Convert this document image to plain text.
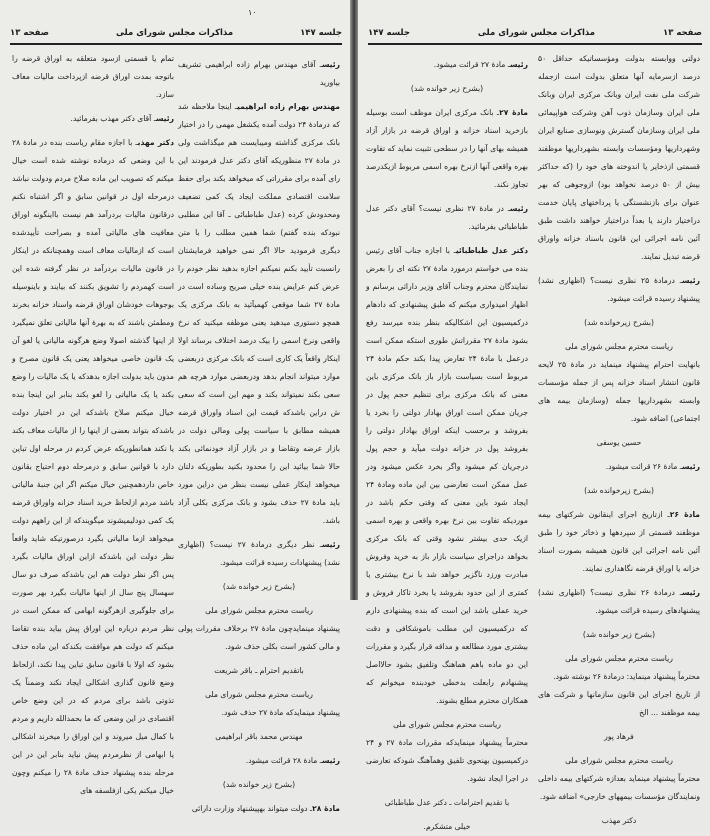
۱۰
جلسه ۱۴۷
مذاکرات مجلس شورای ملی
صفحه ۱۳

رئیسـ آقای مهندس بهرام زاده ابراهیمی تشریف بیاورید

مهندس بهرام زاده ابراهیمیـ اینجا ملاحظه شد که درمادهٔ ۲۴ دولت آمده یکشغل مهمی را در اختیار بانک مرکزی گذاشته ومیبایست هم میگذاشت ولی در مادهٔ ۲۷ منظوریکه آقای دکتر عدل فرمودند این رای آمده برای مقرراتی که میخواهد بکند برای حفظ سلامت اقتصادی مملکت ایجاد یک کمی تضعیف ومحدودش کرده (عدل طباطبائی ـ آقا این مطلبی نبودکه بنده گفتم) شما همین مطلب را با متن دیگری فرمودید حالا اگر نمی خواهید فرمایشتان رانسبت تأیید بکنم نمیکنم اجازه بدهید نظر خودم را عرض کنم عرایض بنده خیلی صریح وساده است در مادهٔ ۲۷ شما موقعی کهمیآئید به بانک مرکزی یک همچو دستوری میدهید یعنی موظفه میکنید که نرخ واقعی ونرخ اسمی را بیک درصد اختلاف برساند اولا اینکار واقعاً یک کاری است که بانک مرکزی دربعضی موارد میتواند انجام بدهد ودربعضی موارد هرچه هم سعی بکند نمیتواند بکند و مهم این است که سعی ش دراین باشدکه قیمت این اسناد واوراق قرضه همیشه مطابق با سیاست پولی ومالی دولت در بازار عرضه وتقاضا و در بازار آزاد خودنمائی بکند حالا شما بیائید این را محدود بکنید بطوریکه دلتان میخواهد اینکار عملی نیست بنظر من دراین مورد باید مادهٔ ۲۷ حذف بشود و بانک مرکزی بکلی آزاد باشد.

رئیسـ نظر دیگری درمادهٔ ۲۷ نیست؟ (اظهاری نشد) پیشنهادات رسیده قرائت میشود.

(بشرح زیر خوانده شد)

ریاست محترم مجلس شورای ملی

پیشنهاد مینمایدچون مادهٔ ۲۷ برخلاف مقررات پولی و مالی کشور است بکلی حذف شود.

باتقدیم احترام ـ باقر شریعت

ریاست محترم مجلس شورای ملی

پیشنهاد مینمایدکه مادهٔ ۲۷ حذف شود.

مهندس محمد باقر ابراهیمی

رئیسـ مادهٔ ۲۸ قرائت میشود.

(بشرح زیر خوانده شد)

مادهٔ ۲۸ـ دولت میتواند بهپیشنهاد وزارت دارائی

تمام یا قسمتی ازسود متعلقه به اوراق قرضه را باتوجه بمدت اوراق قرضه ازپرداخت مالیات معاف سازد.

رئیسـ آقای دکتر مهذب بفرمائید.

دکتر مهذبـ با اجازه مقام ریاست بنده در مادهٔ ۲۸ با این وضعی که درماده نوشته شده است خیال میکنم که تصویب این ماده صلاح مردم ودولت نباشد درمرحله اول در قوانین سابق و اگر اشتباه نکنم درقانون مالیات بردرآمد هم نیست بااینگونه اوراق معافیت های مالیاتی آمده و بصراحت تأییدشده است که ازمالیات معاف است وهمچنانکه در اینکار در قانون مالیات بردرآمد در نظر گرفته شده این است کهمردم را تشویق بکنند که بیایند و باینوسیله بوجوهات خودشان اوراق قرضه واسناد خزانه بخرند ومطمئن باشند که به بهرهٔ آنها مالیاتی تعلق نمیگیرد از اینها گذشته اصولا وضع هرگونه مالیاتی یا لغو آن یک قانون خاصی میخواهد یعنی یک قانون مصرح و مدون باید بدولت اجازه بدهدکه یا یک مالیات را وضع بکند یا یک مالیاتی را لغو بکند بنابر این اینجا بنده خیال میکنم صلاح باشدکه این در اختیار دولت باشدکه بتواند بعضی از اینها را از مالیات معاف بکند یا نکند همانطوریکه عرض کردم در مرحله اول تباین دارد با قوانین سابق و درمرحله دوم احتیاج بقانون خاص داردهمچنین خیال میکنم اگر این جنبهٔ مالیاتی باشد مردم ازلحاظ خرید اسناد خزانه واوراق قرضه یک کمی دودلیمیشوند میگویندکه از این راههم دولت میخواهد ازما مالیاتی بگیرد درصورتیکه شاید واقعاً نظر دولت این باشدکه ازاین اوراق مالیات بگیرد پس اگر نظر دولت هم این باشدکه صرف دو سال سهسال پنج سال از اینها مالیات بگیرد بهر صورت برای جلوگیری ازهرگونه ابهامی که ممکن است در نظر مردم درباره این اوراق پیش بیاید بنده تقاضا میکنم که دولت هم موافقت بکندکه این ماده حذف بشود که اولا با قانون سابق تباین پیدا نکند، ازلحاظ وضع قانون گذاری اشکالی ایجاد نکند وضمناً یک تذوتی باشد برای مردم که در این وضع خاص اقتصادی در این وضعی که ما بحمدالله داریم و مردم با کمال میل میروند و این اوراق را میخرند اشکالی یا ابهامی از نظرمردم پیش نیاید بنابر این در این مرحله بنده پیشنهاد حذف مادهٔ ۲۸ را میکنم وچون خیال میکنم یکی ازفلسفه های

صفحه ۱۳
مذاکرات مجلس شورای ملی
جلسه ۱۴۷

دولتی ووابسته بدولت ومؤسساتیکه حداقل ۵۰ درصد ازسرمایه آنها متعلق بدولت است ازجمله شرکت ملی نفت ایران وبانک مرکزی ایران وبانک ملی ایران وسازمان ذوب آهن وشرکت هواپیمائی ملی ایران وسازمان گسترش ونوسازی صنایع ایران وشهرداریها ومؤسسات وابسته بشهرداریها موظفند قسمتی ازذخایر یا اندوخته های خود را (که حداکثر بیش از ۵۰ درصد نخواهد بود) ازوجوهی که بهر عنوان برای بازنشستگی یا پرداختهای پایان خدمت دراختیار دارند یا بعداً دراختیار خواهند داشت طبق آئین نامه اجرائی این قانون باسناد خزانه واوراق قرضه تبدیل نمایند.

رئیسـ درمادهٔ ۲۵ نظری نیست؟ (اظهاری نشد) پیشنهاد رسیده قرائت میشود.

(بشرح زیرخوانده شد)

ریاست محترم مجلس شورای ملی

بانهایت احترام پیشنهاد مینماید در مادهٔ ۲۵ لایحه قانون انتشار اسناد خزانه پس از جمله مؤسسات وابسته بشهرداریها جمله (وسازمان بیمه های اجتماعی) اضافه شود.

حسین یوسفی

رئیسـ مادهٔ ۲۶ قرائت میشود.

(بشرح زیرخوانده شد)

مادهٔ ۲۶ـ ازتاریخ اجرای اینقانون شرکتهای بیمه موظفند قسمتی از سپردهها و ذخائر خود را طبق آئین نامه اجرائی این قانون همیشه بصورت اسناد خزانه یا اوراق قرضه نگاهداری نمایند.

رئیسـ درمادهٔ ۲۶ نظری نیست؟ (اظهاری نشد) پیشنهادهای رسیده قرائت میشود.

(بشرح زیر خوانده شد)

ریاست محترم مجلس شورای ملی

محترماً پیشنهاد مینماید: درمادهٔ ۲۶ نوشته شود.

از تاریخ اجرای این قانون سازمانها و شرکت های بیمه موظفند ... الخ

فرهاد پور

ریاست محترم مجلس شورای ملی

محترماً پیشنهاد مینماید بعدازه شرکتهای بیمه داخلی ونمایندگان مؤسسات بیمههای خارجی» اضافه شود.

دکتر مهذب

رئیسـ مادهٔ ۲۷ قرائت میشود.

(بشرح زیر خوانده شد)

مادهٔ ۲۷ـ بانک مرکزی ایران موظف است بوسیله بازخرید اسناد خزانه و اوراق قرضه در بازار آزاد همیشه بهای آنها را در سطحی تثبیت نماید که تفاوت بهره واقعی آنها ازنرخ بهره اسمی مربوط ازیکدرصد تجاوز نکند.

رئیسـ در مادهٔ ۲۷ نظری نیست؟ آقای دکتر عدل طباطبائی بفرمائید.

دکتر عدل طباطبائیـ با اجازه جناب آقای رئیس بنده می خواستم درمورد مادهٔ ۲۷ نکته ای را بعرض نمایندگان محترم وجناب آقای وزیر دارائی برسانم و اظهار امیدواری میکنم که طبق پیشنهادی که دادهام درکمیسیون این اشکالیکه بنظر بنده میرسد رفع بشود مادهٔ ۲۷ مقرراتش طوری استکه ممکن است درعمل با مادهٔ ۲۴ تعارض پیدا بکند حکم مادهٔ ۲۴ مربوط است بسیاست بازار باز بانک مرکزی باین معنی که بانک مرکزی برای تنظیم حجم پول در جریان ممکن است اوراق بهادار دولتی را بخرد یا بفروشد و برحسب اینکه اوراق بهادار دولتی را بفروشد پول در خزانه دولت میآید و حجم پول درجریان کم میشود واگر بخرد عکس میشود ودر عمل ممکن است تعارضی بین این ماده ومادهٔ ۲۴ ایجاد شود باین معنی که وقتی حکم باشد در موردیکه تفاوت بین نرخ بهره واقعی و بهره اسمی ازیک حدی بیشتر نشود وقتی که بانک مرکزی بخواهد دراجرای سیاست بازار باز به خرید وفروش مبادرت ورزد ناگزیر خواهد شد با نرخ بیشتری یا کمتری از این حدود بفروشد یا بخرد تاکار فروش و خرید عملی باشد این است که بنده پیشنهادی دارم که درکمیسیون این مطلب باموشکافی و دقت بیشتری مورد مطالعه و مداقه قرار بگیرد و مقررات این دو ماده باهم هماهنگ وتلفیق بشود حالااصل پیشنهادم رابعلت بدخطی خودبنده میخوانم که همکاران محترم مطلع بشوند.

ریاست محترم مجلس شورای ملی

محترماً پیشنهاد مینمایدکه مقررات مادهٔ ۲۷ و ۲۴ درکمیسیون بهنحوی تلفیق وهمآهنگ شودکه تعارضی در اجرا ایجاد نشود.

با تقدیم احترامات ـ دکتر عدل طباطبائی

خیلی متشکرم.
